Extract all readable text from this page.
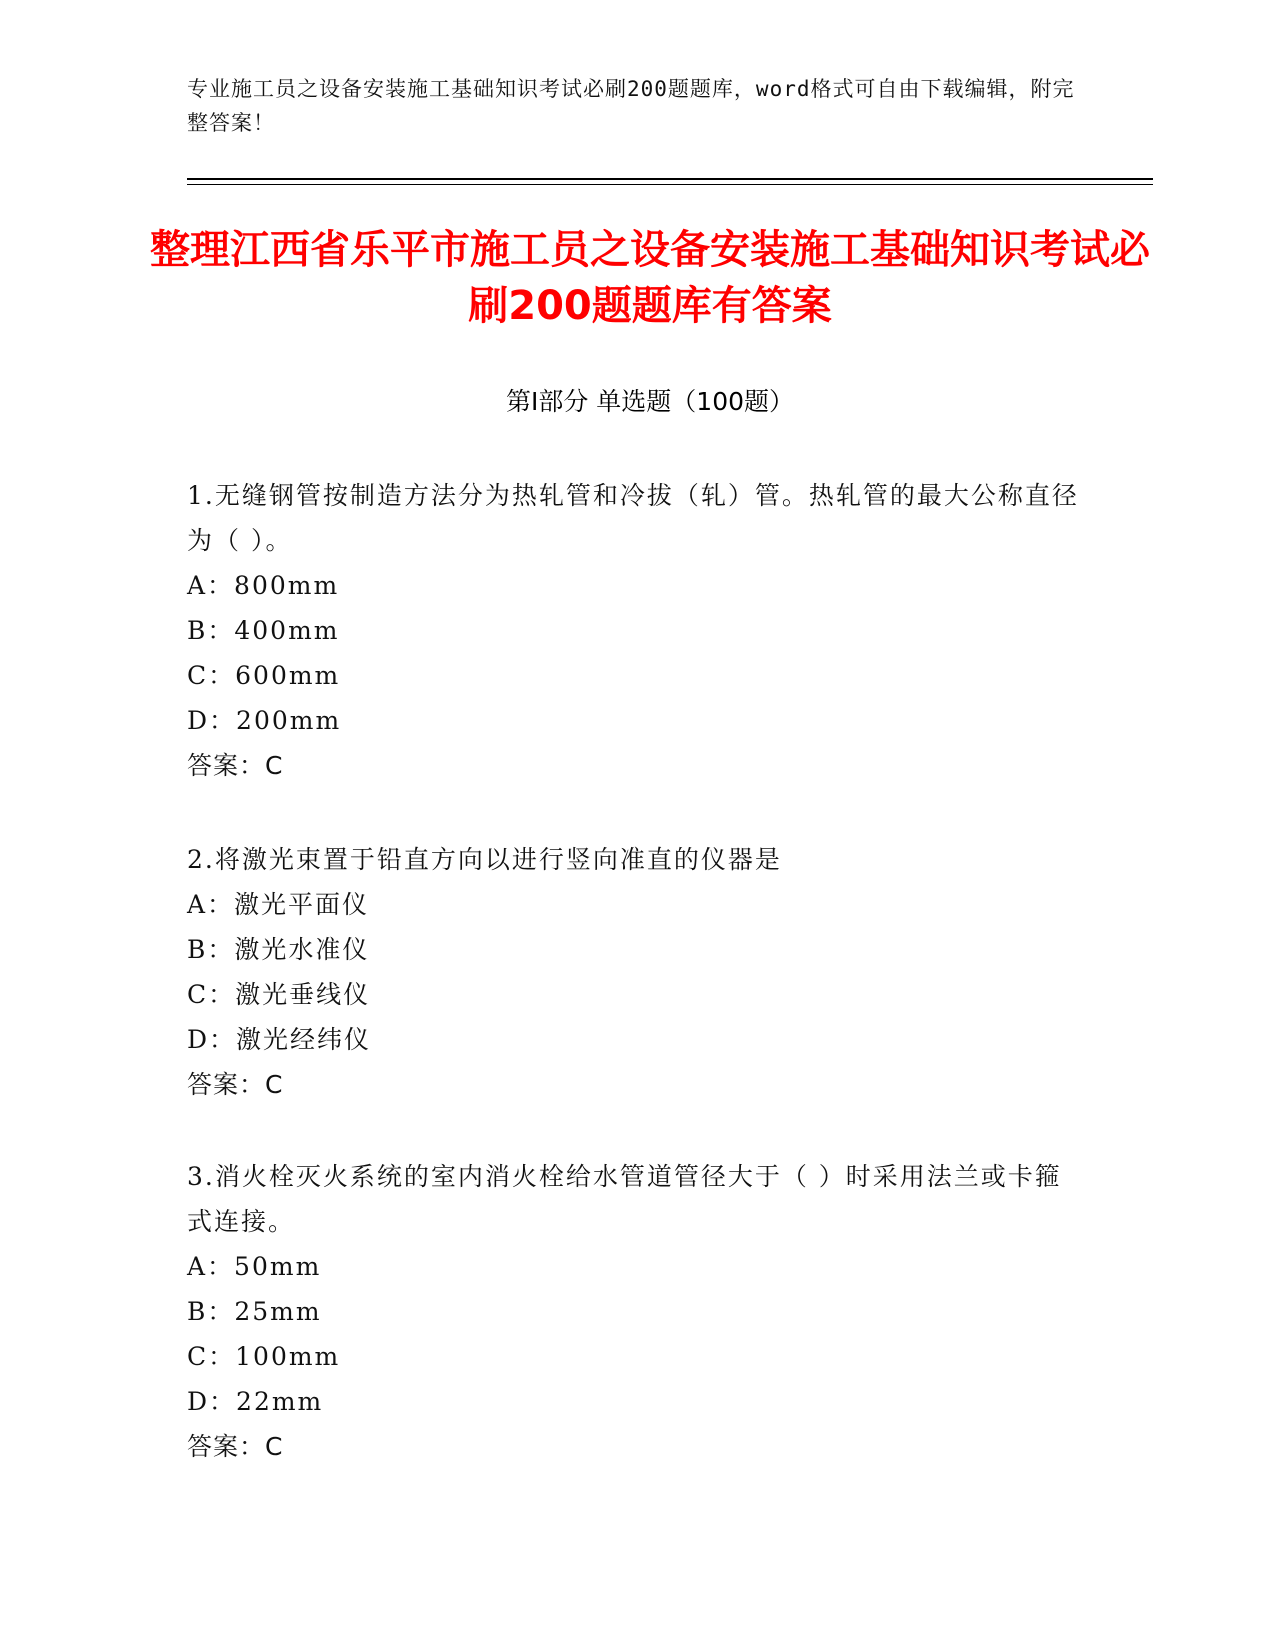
专业施工员之设备安装施工基础知识考试必刷200题题库，word格式可自由下载编辑，附完整答案！
整理江西省乐平市施工员之设备安装施工基础知识考试必刷200题题库有答案
第Ⅰ部分 单选题（100题）

1.无缝钢管按制造方法分为热轧管和冷拔（轧）管。热轧管的最大公称直径为（ ）。

A：800mm

B：400mm

C：600mm

D：200mm

答案：C

2.将激光束置于铅直方向以进行竖向准直的仪器是

A：激光平面仪

B：激光水准仪

C：激光垂线仪

D：激光经纬仪

答案：C

3.消火栓灭火系统的室内消火栓给水管道管径大于（ ）时采用法兰或卡箍式连接。

A：50mm

B：25mm

C：100mm

D：22mm

答案：C
